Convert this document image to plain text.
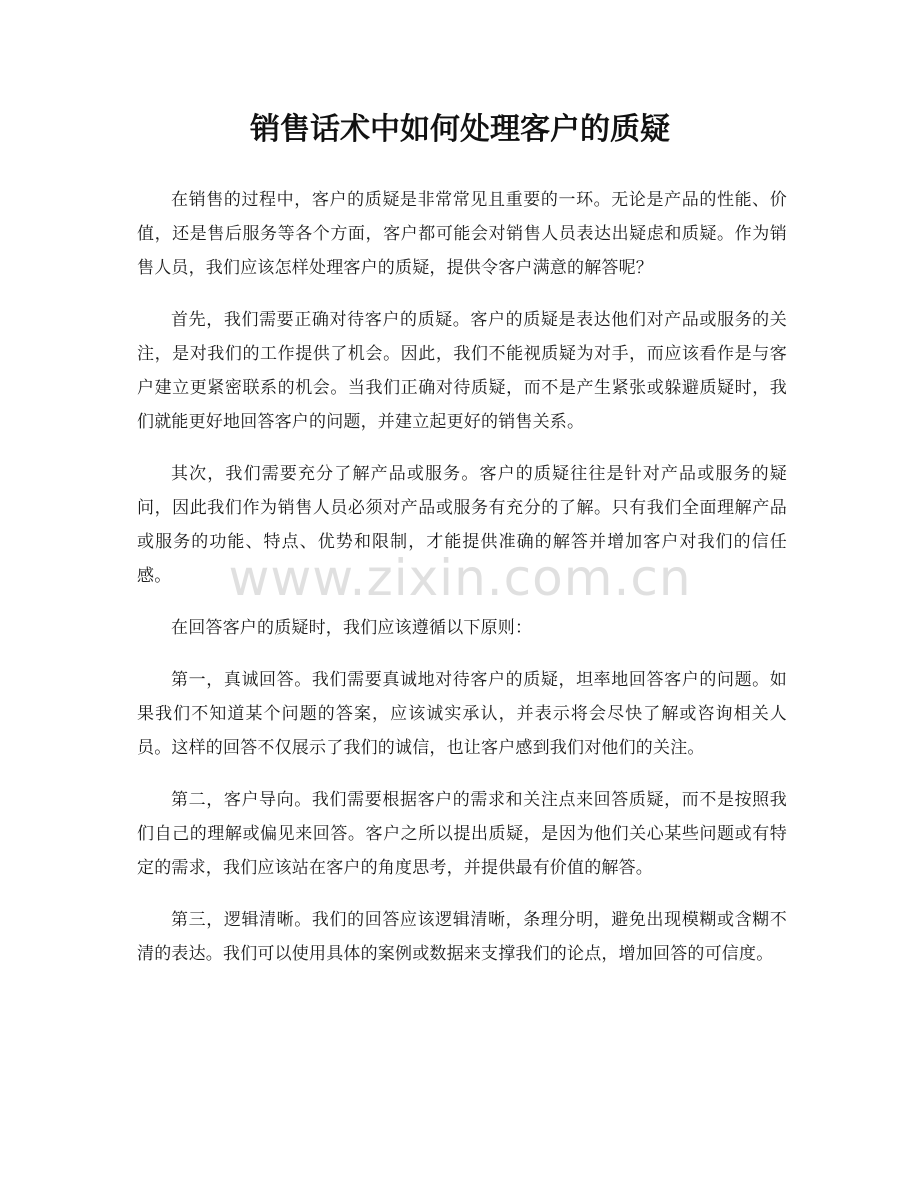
销售话术中如何处理客户的质疑

在销售的过程中，客户的质疑是非常常见且重要的一环。无论是产品的性能、价值，还是售后服务等各个方面，客户都可能会对销售人员表达出疑虑和质疑。作为销售人员，我们应该怎样处理客户的质疑，提供令客户满意的解答呢？

首先，我们需要正确对待客户的质疑。客户的质疑是表达他们对产品或服务的关注，是对我们的工作提供了机会。因此，我们不能视质疑为对手，而应该看作是与客户建立更紧密联系的机会。当我们正确对待质疑，而不是产生紧张或躲避质疑时，我们就能更好地回答客户的问题，并建立起更好的销售关系。

其次，我们需要充分了解产品或服务。客户的质疑往往是针对产品或服务的疑问，因此我们作为销售人员必须对产品或服务有充分的了解。只有我们全面理解产品或服务的功能、特点、优势和限制，才能提供准确的解答并增加客户对我们的信任感。

在回答客户的质疑时，我们应该遵循以下原则：

第一，真诚回答。我们需要真诚地对待客户的质疑，坦率地回答客户的问题。如果我们不知道某个问题的答案，应该诚实承认，并表示将会尽快了解或咨询相关人员。这样的回答不仅展示了我们的诚信，也让客户感到我们对他们的关注。

第二，客户导向。我们需要根据客户的需求和关注点来回答质疑，而不是按照我们自己的理解或偏见来回答。客户之所以提出质疑，是因为他们关心某些问题或有特定的需求，我们应该站在客户的角度思考，并提供最有价值的解答。

第三，逻辑清晰。我们的回答应该逻辑清晰，条理分明，避免出现模糊或含糊不清的表达。我们可以使用具体的案例或数据来支撑我们的论点，增加回答的可信度。

www.zixin.com.cn
